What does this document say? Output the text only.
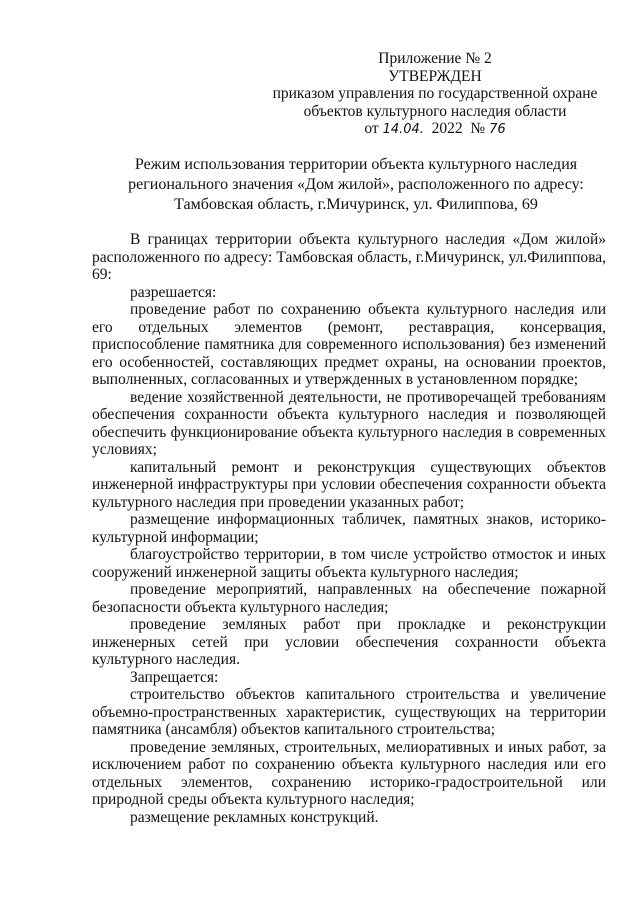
Приложение № 2
УТВЕРЖДЕН
приказом управления по государственной охране
объектов культурного наследия области
от 14.04. 2022 № 76
Режим использования территории объекта культурного наследия
регионального значения «Дом жилой», расположенного по адресу:
Тамбовская область, г.Мичуринск, ул. Филиппова, 69

В границах территории объекта культурного наследия «Дом жилой» расположенного по адресу: Тамбовская область, г.Мичуринск, ул.Филиппова, 69:

разрешается:

проведение работ по сохранению объекта культурного наследия или его отдельных элементов (ремонт, реставрация, консервация, приспособление памятника для современного использования) без изменений его особенностей, составляющих предмет охраны, на основании проектов, выполненных, согласованных и утвержденных в установленном порядке;

ведение хозяйственной деятельности, не противоречащей требованиям обеспечения сохранности объекта культурного наследия и позволяющей обеспечить функционирование объекта культурного наследия в современных условиях;

капитальный ремонт и реконструкция существующих объектов инженерной инфраструктуры при условии обеспечения сохранности объекта культурного наследия при проведении указанных работ;

размещение информационных табличек, памятных знаков, историко-культурной информации;

благоустройство территории, в том числе устройство отмосток и иных сооружений инженерной защиты объекта культурного наследия;

проведение мероприятий, направленных на обеспечение пожарной безопасности объекта культурного наследия;

проведение земляных работ при прокладке и реконструкции инженерных сетей при условии обеспечения сохранности объекта культурного наследия.

Запрещается:

строительство объектов капитального строительства и увеличение объемно-пространственных характеристик, существующих на территории памятника (ансамбля) объектов капитального строительства;

проведение земляных, строительных, мелиоративных и иных работ, за исключением работ по сохранению объекта культурного наследия или его отдельных элементов, сохранению историко-градостроительной или природной среды объекта культурного наследия;

размещение рекламных конструкций.
